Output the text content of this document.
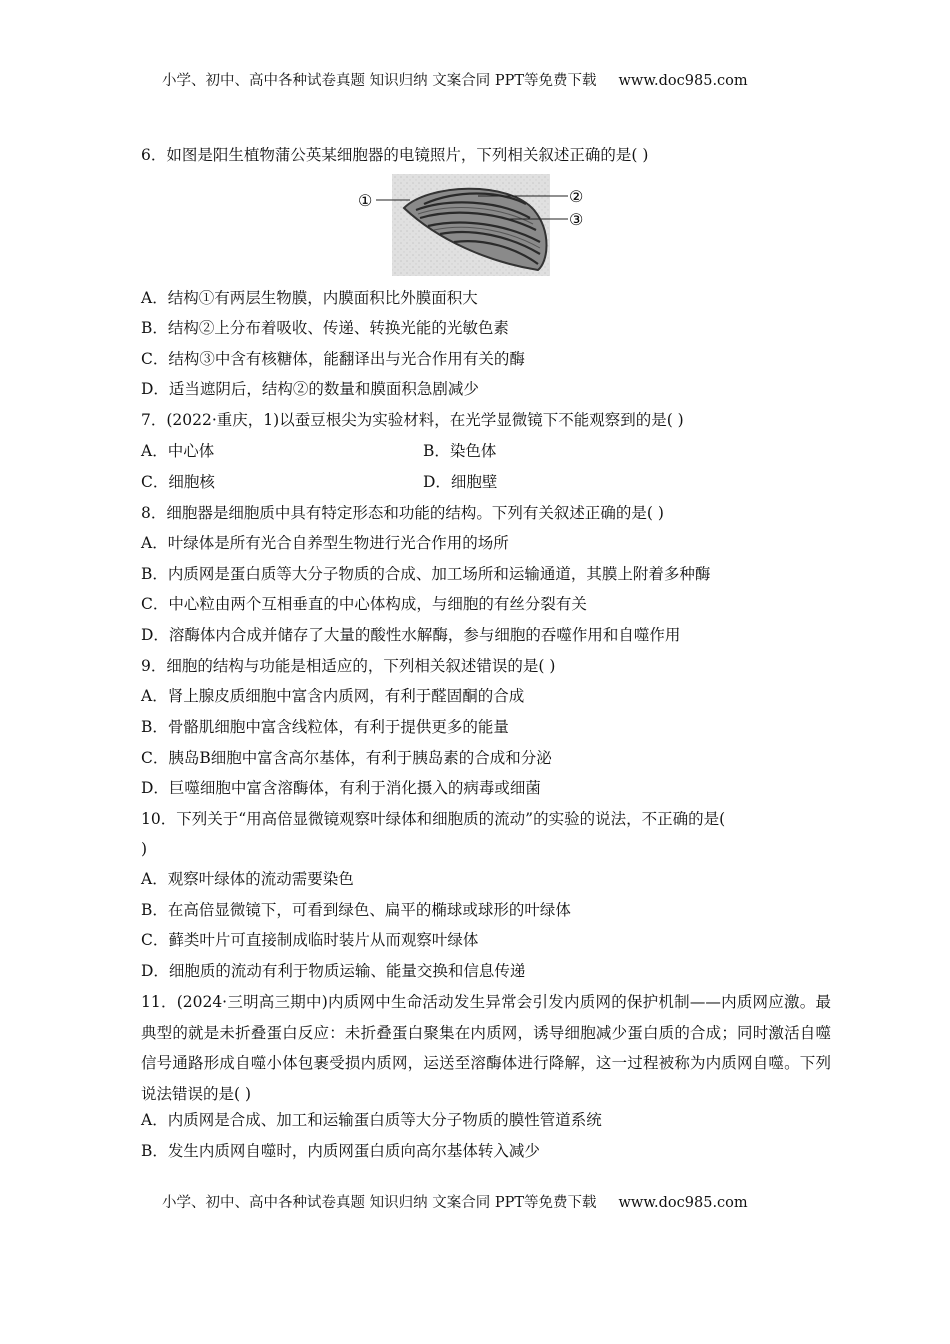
小学、初中、高中各种试卷真题 知识归纳 文案合同 PPT等免费下载 www.doc985.com
6．如图是阳生植物蒲公英某细胞器的电镜照片，下列相关叙述正确的是( )
①	②
③
A．结构①有两层生物膜，内膜面积比外膜面积大
B．结构②上分布着吸收、传递、转换光能的光敏色素
C．结构③中含有核糖体，能翻译出与光合作用有关的酶
D．适当遮阴后，结构②的数量和膜面积急剧减少
7．(2022·重庆，1)以蚕豆根尖为实验材料，在光学显微镜下不能观察到的是( )
A．中心体	B．染色体
C．细胞核	D．细胞壁
8．细胞器是细胞质中具有特定形态和功能的结构。下列有关叙述正确的是( )
A．叶绿体是所有光合自养型生物进行光合作用的场所
B．内质网是蛋白质等大分子物质的合成、加工场所和运输通道，其膜上附着多种酶
C．中心粒由两个互相垂直的中心体构成，与细胞的有丝分裂有关
D．溶酶体内合成并储存了大量的酸性水解酶，参与细胞的吞噬作用和自噬作用
9．细胞的结构与功能是相适应的，下列相关叙述错误的是( )
A．肾上腺皮质细胞中富含内质网，有利于醛固酮的合成
B．骨骼肌细胞中富含线粒体，有利于提供更多的能量
C．胰岛B细胞中富含高尔基体，有利于胰岛素的合成和分泌
D．巨噬细胞中富含溶酶体，有利于消化摄入的病毒或细菌
10．下列关于“用高倍显微镜观察叶绿体和细胞质的流动”的实验的说法，不正确的是(
)
A．观察叶绿体的流动需要染色
B．在高倍显微镜下，可看到绿色、扁平的椭球或球形的叶绿体
C．藓类叶片可直接制成临时装片从而观察叶绿体
D．细胞质的流动有利于物质运输、能量交换和信息传递
11．(2024·三明高三期中)内质网中生命活动发生异常会引发内质网的保护机制——内质网应激。最典型的就是未折叠蛋白反应：未折叠蛋白聚集在内质网，诱导细胞减少蛋白质的合成；同时激活自噬信号通路形成自噬小体包裹受损内质网，运送至溶酶体进行降解，这一过程被称为内质网自噬。下列说法错误的是( )
A．内质网是合成、加工和运输蛋白质等大分子物质的膜性管道系统
B．发生内质网自噬时，内质网蛋白质向高尔基体转入减少
小学、初中、高中各种试卷真题 知识归纳 文案合同 PPT等免费下载 www.doc985.com
